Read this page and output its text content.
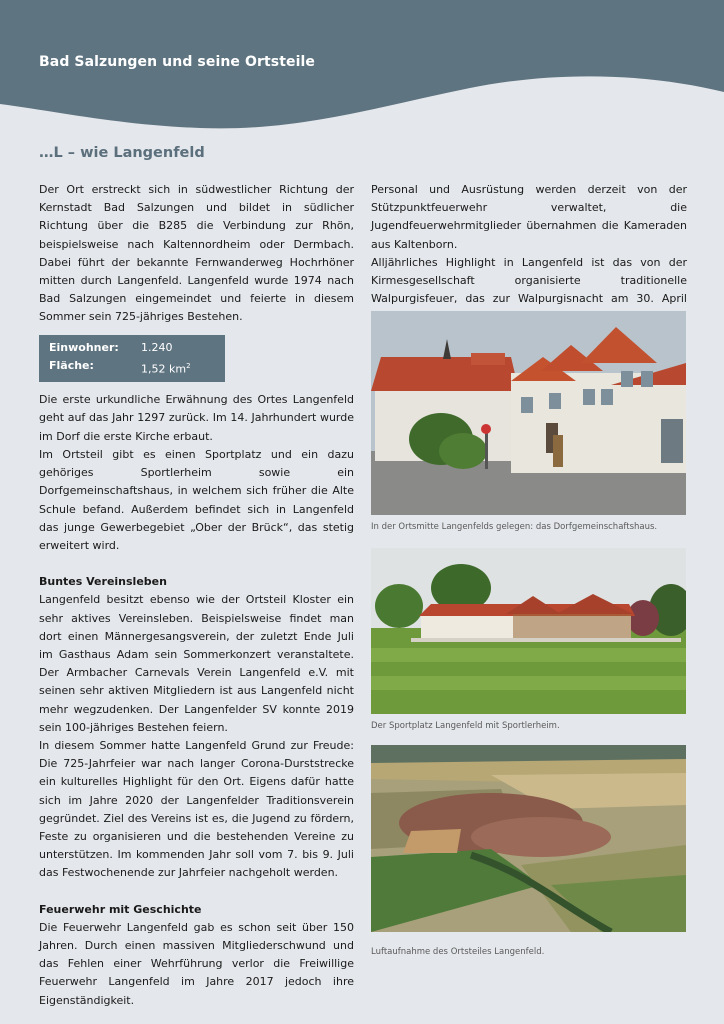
Bad Salzungen und seine Ortsteile
…L – wie Langenfeld

Der Ort erstreckt sich in südwestlicher Richtung der Kernstadt Bad Salzungen und bildet in südlicher Richtung über die B285 die Verbindung zur Rhön, beispielsweise nach Kaltennordheim oder Dermbach. Dabei führt der bekannte Fernwanderweg Hochrhöner mitten durch Langenfeld. Langenfeld wurde 1974 nach Bad Salzungen eingemeindet und feierte in diesem Sommer sein 725-jähriges Bestehen.

Einwohner:	1.240
Fläche:	1,52 $km^2$

Die erste urkundliche Erwähnung des Ortes Langenfeld geht auf das Jahr 1297 zurück. Im 14. Jahrhundert wurde im Dorf die erste Kirche erbaut.

Im Ortsteil gibt es einen Sportplatz und ein dazu gehöriges Sportlerheim sowie ein Dorfgemeinschaftshaus, in welchem sich früher die Alte Schule befand. Außerdem befindet sich in Langenfeld das junge Gewerbegebiet „Ober der Brück“, das stetig erweitert wird.

Buntes Vereinsleben

Langenfeld besitzt ebenso wie der Ortsteil Kloster ein sehr aktives Vereinsleben. Beispielsweise findet man dort einen Männergesangsverein, der zuletzt Ende Juli im Gasthaus Adam sein Sommerkonzert veranstaltete. Der Armbacher Carnevals Verein Langenfeld e.V. mit seinen sehr aktiven Mitgliedern ist aus Langenfeld nicht mehr wegzudenken. Der Langenfelder SV konnte 2019 sein 100-jähriges Bestehen feiern.

In diesem Sommer hatte Langenfeld Grund zur Freude: Die 725-Jahrfeier war nach langer Corona-Durststrecke ein kulturelles Highlight für den Ort. Eigens dafür hatte sich im Jahre 2020 der Langenfelder Traditionsverein gegründet. Ziel des Vereins ist es, die Jugend zu fördern, Feste zu organisieren und die bestehenden Vereine zu unterstützen. Im kommenden Jahr soll vom 7. bis 9. Juli das Festwochenende zur Jahrfeier nachgeholt werden.

Feuerwehr mit Geschichte

Die Feuerwehr Langenfeld gab es schon seit über 150 Jahren. Durch einen massiven Mitgliederschwund und das Fehlen einer Wehrführung verlor die Freiwillige Feuerwehr Langenfeld im Jahre 2017 jedoch ihre Eigenständigkeit.

Personal und Ausrüstung werden derzeit von der Stützpunktfeuerwehr verwaltet, die Jugendfeuerwehrmitglieder übernahmen die Kameraden aus Kaltenborn.

Alljährliches Highlight in Langenfeld ist das von der Kirmesgesellschaft organisierte traditionelle Walpurgisfeuer, das zur Walpurgisnacht am 30. April

In der Ortsmitte Langenfelds gelegen: das Dorfgemeinschaftshaus.
Der Sportplatz Langenfeld mit Sportlerheim.
Luftaufnahme des Ortsteiles Langenfeld.
